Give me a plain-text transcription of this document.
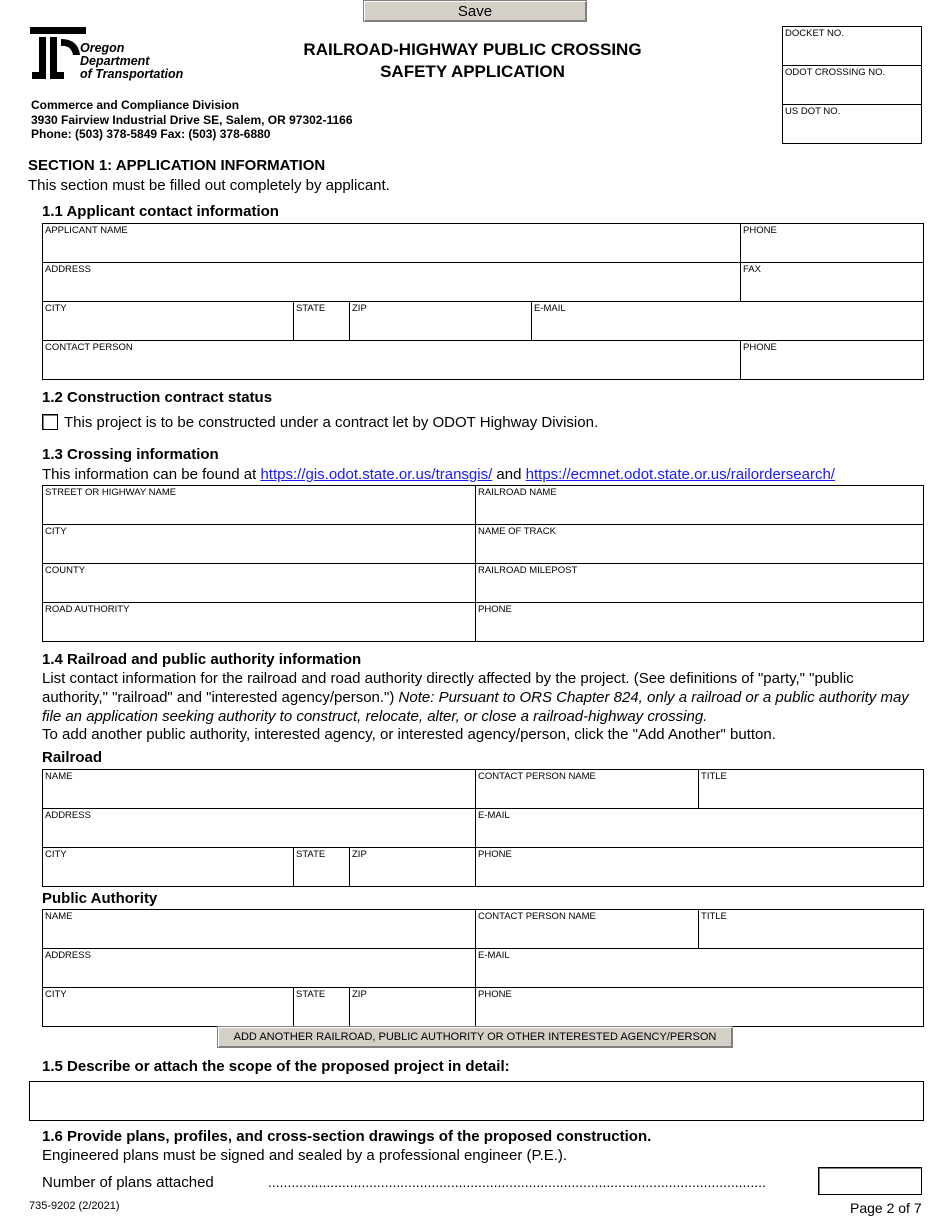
Save
Oregon
Department
of Transportation
RAILROAD-HIGHWAY PUBLIC CROSSING
SAFETY APPLICATION
Commerce and Compliance Division
3930 Fairview Industrial Drive SE, Salem, OR 97302-1166
Phone: (503) 378-5849 Fax: (503) 378-6880
DOCKET NO.

ODOT CROSSING NO.

US DOT NO.
SECTION 1: APPLICATION INFORMATION
This section must be filled out completely by applicant.
1.1 Applicant contact information
APPLICANT NAME				PHONE

ADDRESS				FAX

CITY	STATE	ZIP	E-MAIL	

CONTACT PERSON				PHONE
1.2 Construction contract status
This project is to be constructed under a contract let by ODOT Highway Division.
1.3 Crossing information
This information can be found at https://gis.odot.state.or.us/transgis/ and https://ecmnet.odot.state.or.us/railordersearch/
STREET OR HIGHWAY NAME	RAILROAD NAME

CITY	NAME OF TRACK

COUNTY	RAILROAD MILEPOST

ROAD AUTHORITY	PHONE
1.4 Railroad and public authority information
List contact information for the railroad and road authority directly affected by the project. (See definitions of "party," "public authority," "railroad" and "interested agency/person.") Note: Pursuant to ORS Chapter 824, only a railroad or a public authority may file an application seeking authority to construct, relocate, alter, or close a railroad-highway crossing.
To add another public authority, interested agency, or interested agency/person, click the "Add Another" button.
Railroad
NAME			CONTACT PERSON NAME	TITLE

ADDRESS			E-MAIL	

CITY	STATE	ZIP	PHONE	
Public Authority
NAME			CONTACT PERSON NAME	TITLE

ADDRESS			E-MAIL	

CITY	STATE	ZIP	PHONE	
ADD ANOTHER RAILROAD, PUBLIC AUTHORITY OR OTHER INTERESTED AGENCY/PERSON
1.5 Describe or attach the scope of the proposed project in detail:
1.6 Provide plans, profiles, and cross-section drawings of the proposed construction.
Engineered plans must be signed and sealed by a professional engineer (P.E.).
Number of plans attached	................................................................................................................................
735-9202 (2/2021)	Page 2 of 7
